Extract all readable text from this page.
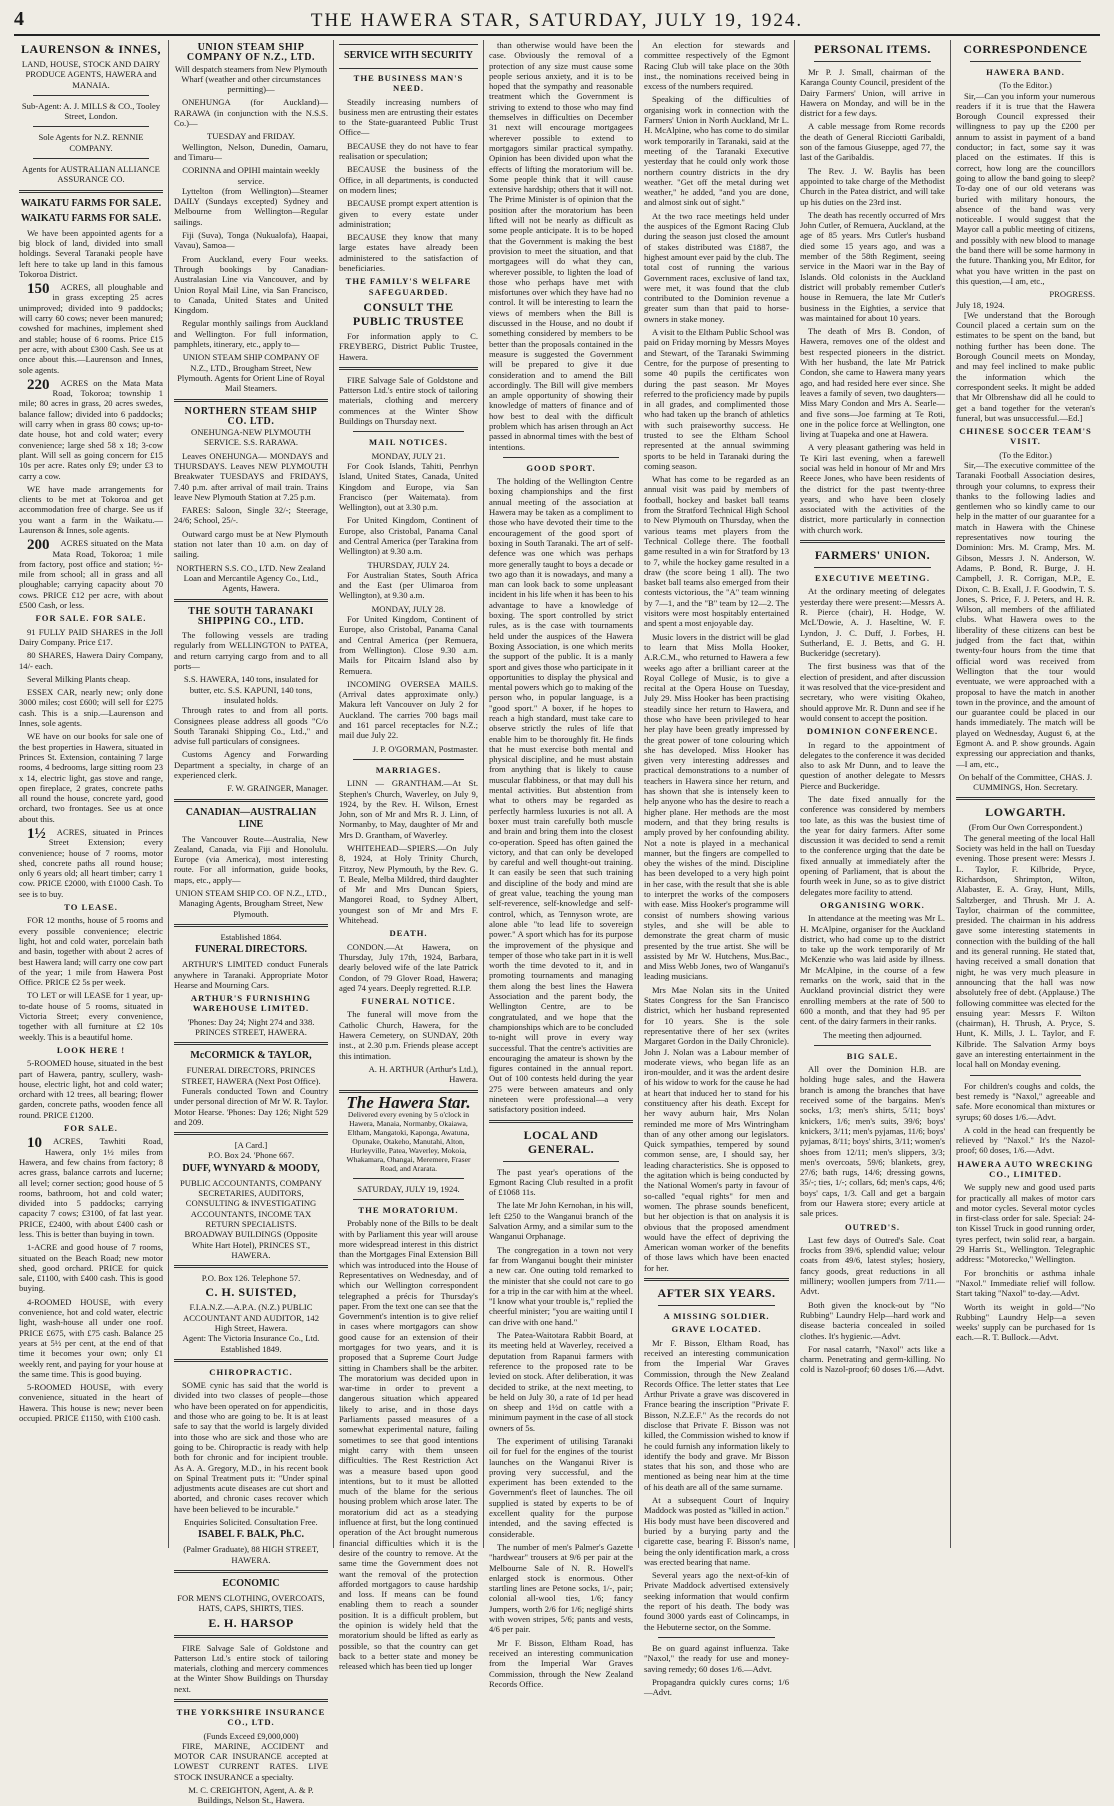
4	THE HAWERA STAR, SATURDAY, JULY 19, 1924.
LAURENSON & INNES,
LAND, HOUSE, STOCK AND DAIRY PRODUCE AGENTS, HAWERA and MANAIA.
Sub-Agent: A. J. MILLS & CO., Tooley Street, London.
Sole Agents for N.Z. RENNIE COMPANY.
Agents for AUSTRALIAN ALLIANCE ASSURANCE CO.
WAIKATU FARMS FOR SALE.
WAIKATU FARMS FOR SALE.

We have been appointed agents for a big block of land, divided into small holdings. Several Taranaki people have left here to take up land in this famous Tokoroa District.

150 ACRES, all ploughable and in grass excepting 25 acres unimproved; divided into 9 paddocks; will carry 60 cows; never been manured; cowshed for machines, implement shed and stable; house of 6 rooms. Price £15 per acre, with about £300 Cash. See us at once about this.—Laurenson and Innes, sole agents.

220 ACRES on the Mata Mata Road, Tokoroa; township 1 mile; 80 acres in grass, 20 acres swedes, balance fallow; divided into 6 paddocks; will carry when in grass 80 cows; up-to-date house, hot and cold water; every convenience; large shed 58 x 18; 3-cow plant. Will sell as going concern for £15 10s per acre. Rates only £9; under £3 to carry a cow.

WE have made arrangements for clients to be met at Tokoroa and get accommodation free of charge. See us if you want a farm in the Waikatu.—Laurenson & Innes, sole agents.

200 ACRES situated on the Mata Mata Road, Tokoroa; 1 mile from factory, post office and station; ½-mile from school; all in grass and all ploughable; carrying capacity about 70 cows. PRICE £12 per acre, with about £500 Cash, or less.

FOR SALE. FOR SALE.

91 FULLY PAID SHARES in the Joll Dairy Company. Price £17.

80 SHARES, Hawera Dairy Company, 14/- each.

Several Milking Plants cheap.

ESSEX CAR, nearly new; only done 3000 miles; cost £600; will sell for £275 cash. This is a snip.—Laurenson and Innes, sole agents.

WE have on our books for sale one of the best properties in Hawera, situated in Princes St. Extension, containing 7 large rooms, 4 bedrooms, large sitting room 23 x 14, electric light, gas stove and range, open fireplace, 2 grates, concrete paths all round the house, concrete yard, good orchard, two frontages. See us at once about this.

1½ ACRES, situated in Princes Street Extension; every convenience; house of 7 rooms, motor shed, concrete paths all round house; only 6 years old; all heart timber; carry 1 cow. PRICE £2000, with £1000 Cash. To see is to buy.

TO LEASE.

FOR 12 months, house of 5 rooms and every possible convenience; electric light, hot and cold water, porcelain bath and basin, together with about 2 acres of best Hawera land; will carry one cow part of the year; 1 mile from Hawera Post Office. PRICE £2 5s per week.

TO LET or will LEASE for 1 year, up-to-date house of 5 rooms, situated in Victoria Street; every convenience, together with all furniture at £2 10s weekly. This is a beautiful home.

LOOK HERE !

5-ROOMED house, situated in the best part of Hawera, pantry, scullery, wash-house, electric light, hot and cold water; orchard with 12 trees, all bearing; flower garden, concrete paths, wooden fence all round. PRICE £1200.

FOR SALE.

10 ACRES, Tawhiti Road, Hawera, only 1½ miles from Hawera, and few chains from factory; 8 acres grass, balance carrots and lucerne; all level; corner section; good house of 5 rooms, bathroom, hot and cold water; divided into 5 paddocks; carrying capacity 7 cows; £3100, of fat last year. PRICE, £2400, with about £400 cash or less. This is better than buying in town.

1-ACRE and good house of 7 rooms, situated on the Beach Road; new motor shed, good orchard. PRICE for quick sale, £1100, with £400 cash. This is good buying.

4-ROOMED HOUSE, with every convenience, hot and cold water, electric light, wash-house all under one roof. PRICE £675, with £75 cash. Balance 25 years at 5½ per cent, at the end of that time it becomes your own; only £1 weekly rent, and paying for your house at the same time. This is good buying.

5-ROOMED HOUSE, with every convenience, situated in the heart of Hawera. This house is new; never been occupied. PRICE £1150, with £100 cash.

UNION STEAM SHIP COMPANY OF N.Z., LTD.
Will despatch steamers from New Plymouth Wharf (weather and other circumstances permitting)—

ONEHUNGA (for Auckland)—RARAWA (in conjunction with the N.S.S. Co.)—

TUESDAY and FRIDAY.

Wellington, Nelson, Dunedin, Oamaru, and Timaru—

CORINNA and OPIHI maintain weekly service.

Lyttelton (from Wellington)—Steamer DAILY (Sundays excepted) Sydney and Melbourne from Wellington—Regular sailings.

Fiji (Suva), Tonga (Nukualofa), Haapai, Vavau), Samoa—

From Auckland, every Four weeks. Through bookings by Canadian-Australasian Line via Vancouver, and by Union Royal Mail Line, via San Francisco, to Canada, United States and United Kingdom.

Regular monthly sailings from Auckland and Wellington. For full information, pamphlets, itinerary, etc., apply to—

UNION STEAM SHIP COMPANY OF N.Z., LTD., Brougham Street, New Plymouth. Agents for Orient Line of Royal Mail Steamers.
NORTHERN STEAM SHIP CO. LTD.
ONEHUNGA-NEW PLYMOUTH SERVICE. S.S. RARAWA.

Leaves ONEHUNGA— MONDAYS and THURSDAYS. Leaves NEW PLYMOUTH Breakwater TUESDAYS and FRIDAYS, 7.40 p.m. after arrival of mail train. Trains leave New Plymouth Station at 7.25 p.m.

FARES: Saloon, Single 32/-; Steerage, 24/6; School, 25/-.

Outward cargo must be at New Plymouth station not later than 10 a.m. on day of sailing.

NORTHERN S.S. CO., LTD. New Zealand Loan and Mercantile Agency Co., Ltd., Agents, Hawera.
THE SOUTH TARANAKI SHIPPING CO., LTD.

The following vessels are trading regularly from WELLINGTON to PATEA, and return carrying cargo from and to all ports—

S.S. HAWERA, 140 tons, insulated for butter, etc. S.S. KAPUNI, 140 tons, insulated holds.

Through rates to and from all ports. Consignees please address all goods "C/o South Taranaki Shipping Co., Ltd.," and advise full particulars of consignees.

Customs Agency and Forwarding Department a specialty, in charge of an experienced clerk.

F. W. GRAINGER, Manager.
CANADIAN—AUSTRALIAN LINE

The Vancouver Route—Australia, New Zealand, Canada, via Fiji and Honolulu. Europe (via America), most interesting route. For all information, guide books, maps, etc., apply—

UNION STEAM SHIP CO. OF N.Z., LTD., Managing Agents, Brougham Street, New Plymouth.
Established 1864.
FUNERAL DIRECTORS.

ARTHUR'S LIMITED conduct Funerals anywhere in Taranaki. Appropriate Motor Hearse and Mourning Cars.

ARTHUR'S FURNISHING WAREHOUSE LIMITED.
'Phones: Day 24; Night 274 and 338.
PRINCES STREET, HAWERA.
McCORMICK & TAYLOR,
FUNERAL DIRECTORS, PRINCES STREET, HAWERA (Next Post Office).

Funerals conducted Town and Country under personal direction of Mr W. R. Taylor. Motor Hearse. 'Phones: Day 126; Night 529 and 209.

[A Card.]
P.O. Box 24. 'Phone 667.
DUFF, WYNYARD & MOODY,
PUBLIC ACCOUNTANTS, COMPANY SECRETARIES, AUDITORS, CONSULTING & INVESTIGATING ACCOUNTANTS, INCOME TAX RETURN SPECIALISTS.
BROADWAY BUILDINGS (Opposite White Hart Hotel), PRINCES ST., HAWERA.
P.O. Box 126. Telephone 57.
C. H. SUISTED,
F.I.A.N.Z.—A.P.A. (N.Z.) PUBLIC ACCOUNTANT AND AUDITOR, 142 High Street, Hawera.
Agent: The Victoria Insurance Co., Ltd. Established 1849.
CHIROPRACTIC.

SOME cynic has said that the world is divided into two classes of people—those who have been operated on for appendicitis, and those who are going to be. It is at least safe to say that the world is largely divided into those who are sick and those who are going to be. Chiropractic is ready with help both for chronic and for incipient trouble. As A. A. Gregory, M.D., in his recent book on Spinal Treatment puts it: "Under spinal adjustments acute diseases are cut short and aborted, and chronic cases recover which have been believed to be incurable."

Enquiries Solicited. Consultation Free.
ISABEL F. BALK, Ph.C.
(Palmer Graduate), 88 HIGH STREET, HAWERA.
ECONOMIC
FOR MEN'S CLOTHING, OVERCOATS, HATS, CAPS, SHIRTS, TIES.
E. H. HARSOP

FIRE Salvage Sale of Goldstone and Patterson Ltd.'s entire stock of tailoring materials, clothing and mercery commences at the Winter Show Buildings on Thursday next.

THE YORKSHIRE INSURANCE CO., LTD.
(Funds Exceed £9,000,000)

FIRE, MARINE, ACCIDENT and MOTOR CAR INSURANCE accepted at LOWEST CURRENT RATES. LIVE STOCK INSURANCE a specialty.

M. C. CREIGHTON, Agent, A. & P. Buildings, Nelson St., Hawera.
SERVICE WITH SECURITY
THE BUSINESS MAN'S NEED.

Steadily increasing numbers of business men are entrusting their estates to the State-guaranteed Public Trust Office—

BECAUSE they do not have to fear realisation or speculation;

BECAUSE the business of the Office, in all departments, is conducted on modern lines;

BECAUSE prompt expert attention is given to every estate under administration;

BECAUSE they know that many large estates have already been administered to the satisfaction of beneficiaries.

THE FAMILY'S WELFARE SAFEGUARDED.
CONSULT THE PUBLIC TRUSTEE

For information apply to C. FREYBERG, District Public Trustee, Hawera.

FIRE Salvage Sale of Goldstone and Patterson Ltd.'s entire stock of tailoring materials, clothing and mercery commences at the Winter Show Buildings on Thursday next.

MAIL NOTICES.
MONDAY, JULY 21.

For Cook Islands, Tahiti, Penrhyn Island, United States, Canada, United Kingdom and Europe, via San Francisco (per Waitemata). from Wellington), out at 3.30 p.m.

For United Kingdom, Continent of Europe, also Cristobal, Panama Canal and Central America (per Tarakina from Wellington) at 9.30 a.m.

THURSDAY, JULY 24.

For Australian States, South Africa and the East (per Ulimaroa from Wellington), at 9.30 a.m.

MONDAY, JULY 28.

For United Kingdom, Continent of Europe, also Cristobal, Panama Canal and Central America (per Remuera, from Wellington). Close 9.30 a.m. Mails for Pitcairn Island also by Remuera.

INCOMING OVERSEA MAILS. (Arrival dates approximate only.) Makura left Vancouver on July 2 for Auckland. The carries 700 bags mail and 161 parcel receptacles for N.Z.; mail due July 22.

J. P. O'GORMAN, Postmaster.
MARRIAGES.

LINN — GRANTHAM.—At St. Stephen's Church, Waverley, on July 9, 1924, by the Rev. H. Wilson, Ernest John, son of Mr and Mrs R. J. Linn, of Normanby, to May, daughter of Mr and Mrs D. Grantham, of Waverley.

WHITEHEAD—SPIERS.—On July 8, 1924, at Holy Trinity Church, Fitzroy, New Plymouth, by the Rev. G. T. Beale, Melba Mildred, third daughter of Mr and Mrs Duncan Spiers, Mangorei Road, to Sydney Albert, youngest son of Mr and Mrs F. Whitehead.

DEATH.

CONDON.—At Hawera, on Thursday, July 17th, 1924, Barbara, dearly beloved wife of the late Patrick Condon, of 79 Glover Road, Hawera; aged 74 years. Deeply regretted. R.I.P.

FUNERAL NOTICE.

The funeral will move from the Catholic Church, Hawera, for the Hawera Cemetery, on SUNDAY, 20th inst., at 2.30 p.m. Friends please accept this intimation.

A. H. ARTHUR (Arthur's Ltd.), Hawera.
The Hawera Star.
Delivered every evening by 5 o'clock in Hawera, Manaia, Normanby, Okaiawa, Eltham, Mangatoki, Kaponga, Awatuna, Opunake, Otakeho, Manutahi, Alton, Hurleyville, Patea, Waverley, Mokoia, Whakamara, Ohangai, Meremere, Fraser Road, and Ararata.
SATURDAY, JULY 19, 1924.
THE MORATORIUM.

Probably none of the Bills to be dealt with by Parliament this year will arouse more widespread interest in this district than the Mortgages Final Extension Bill which was introduced into the House of Representatives on Wednesday, and of which our Wellington correspondent telegraphed a précis for Thursday's paper. From the text one can see that the Government's intention is to give relief in cases where mortgagors can show good cause for an extension of their mortgages for two years, and it is proposed that a Supreme Court Judge sitting in Chambers shall be the arbiter. The moratorium was decided upon in war-time in order to prevent a dangerous situation which appeared likely to arise, and in those days Parliaments passed measures of a somewhat experimental nature, failing sometimes to see that good intentions might carry with them unseen difficulties. The Rest Restriction Act was a measure based upon good intentions, but to it must be allotted much of the blame for the serious housing problem which arose later. The moratorium did act as a steadying influence at first, but the long continued operation of the Act brought numerous financial difficulties which it is the desire of the country to remove. At the same time the Government does not want the removal of the protection afforded mortgagors to cause hardship and loss. If means can be found enabling them to reach a sounder position. It is a difficult problem, but the opinion is widely held that the moratorium should be lifted as early as possible, so that the country can get back to a better state and money be released which has been tied up longer

than otherwise would have been the case. Obviously the removal of a protection of any size must cause some people serious anxiety, and it is to be hoped that the sympathy and reasonable treatment which the Government is striving to extend to those who may find themselves in difficulties on December 31 next will encourage mortgagees wherever possible to extend to mortgagors similar practical sympathy. Opinion has been divided upon what the effects of lifting the moratorium will be. Some people think that it will cause extensive hardship; others that it will not. The Prime Minister is of opinion that the position after the moratorium has been lifted will not be nearly as difficult as some people anticipate. It is to be hoped that the Government is making the best provision to meet the situation, and that mortgagees will do what they can, wherever possible, to lighten the load of those who perhaps have met with misfortunes over which they have had no control. It will be interesting to learn the views of members when the Bill is discussed in the House, and no doubt if something considered by members to be better than the proposals contained in the measure is suggested the Government will be prepared to give it due consideration and to amend the Bill accordingly. The Bill will give members an ample opportunity of showing their knowledge of matters of finance and of how best to deal with the difficult problem which has arisen through an Act passed in abnormal times with the best of intentions.

GOOD SPORT.

The holding of the Wellington Centre boxing championships and the first annual meeting of the association at Hawera may be taken as a compliment to those who have devoted their time to the encouragement of the good sport of boxing in South Taranaki. The art of self-defence was one which was perhaps more generally taught to boys a decade or two ago than it is nowadays, and many a man can look back to some unpleasant incident in his life when it has been to his advantage to have a knowledge of boxing. The sport controlled by strict rules, as is the case with tournaments held under the auspices of the Hawera Boxing Association, is one which merits the support of the public. It is a manly sport and gives those who participate in it opportunities to display the physical and mental powers which go to making of the person who, in popular language, is a "good sport." A boxer, if he hopes to reach a high standard, must take care to observe strictly the rules of life that enable him to be thoroughly fit. He finds that he must exercise both mental and physical discipline, and he must abstain from anything that is likely to cause muscular flabbiness, or that may dull his mental activities. But abstention from what to others may be regarded as perfectly harmless luxuries is not all. A boxer must train carefully both muscle and brain and bring them into the closest co-operation. Speed has often gained the victory, and that can only be developed by careful and well thought-out training. It can easily be seen that such training and discipline of the body and mind are of great value, teaching the young man self-reverence, self-knowledge and self-control, which, as Tennyson wrote, are alone able "to lead life to sovereign power." A sport which has for its purpose the improvement of the physique and temper of those who take part in it is well worth the time devoted to it, and in promoting tournaments and managing them along the best lines the Hawera Association and the parent body, the Wellington Centre, are to be congratulated, and we hope that the championships which are to be concluded to-night will prove in every way successful. That the centre's activities are encouraging the amateur is shown by the figures contained in the annual report. Out of 100 contests held during the year 275 were between amateurs and only nineteen were professional—a very satisfactory position indeed.

LOCAL AND GENERAL.

The past year's operations of the Egmont Racing Club resulted in a profit of £1068 11s.

The late Mr John Kernohan, in his will, left £250 to the Wanganui branch of the Salvation Army, and a similar sum to the Wanganui Orphanage.

The congregation in a town not very far from Wanganui bought their minister a new car. One outing told remarked to the minister that she could not care to go for a trip in the car with him at the wheel. "I know what your trouble is," replied the cheerful minister; "you are waiting until I can drive with one hand."

The Patea-Waitotara Rabbit Board, at its meeting held at Waverley, received a deputation from Rapanui farmers with reference to the proposed rate to be levied on stock. After deliberation, it was decided to strike, at the next meeting, to be held on July 30, a rate of 1d per head on sheep and 1½d on cattle with a minimum payment in the case of all stock owners of 5s.

The experiment of utilising Taranaki oil for fuel for the engines of the tourist launches on the Wanganui River is proving very successful, and the experiment has been extended to the Government's fleet of launches. The oil supplied is stated by experts to be of excellent quality for the purpose intended, and the saving effected is considerable.

The number of men's Palmer's Gazette "hardwear" trousers at 9/6 per pair at the Melbourne Sale of N. R. Howell's enlarged stock is enormous. Other startling lines are Petone socks, 1/-, pair; colonial all-wool ties, 1/6; fancy Jumpers, worth 2/6 for 1/6; negligé shirts with woven stripes, 5/6; pants and vests, 4/6 per pair.

Mr F. Bisson, Eltham Road, has received an interesting communication from the Imperial War Graves Commission, through the New Zealand Records Office.

An election for stewards and committee respectively of the Egmont Racing Club will take place on the 30th inst., the nominations received being in excess of the numbers required.

Speaking of the difficulties of organising work in connection with the Farmers' Union in North Auckland, Mr L. H. McAlpine, who has come to do similar work temporarily in Taranaki, said at the meeting of the Taranaki Executive yesterday that he could only work those northern country districts in the dry weather. "Get off the metal during wet weather," he added, "and you are done, and almost sink out of sight."

At the two race meetings held under the auspices of the Egmont Racing Club during the season just closed the amount of stakes distributed was £1887, the highest amount ever paid by the club. The total cost of running the various Government races, exclusive of land tax, were met, it was found that the club contributed to the Dominion revenue a greater sum than that paid to horse-owners in stake money.

A visit to the Eltham Public School was paid on Friday morning by Messrs Moyes and Stewart, of the Taranaki Swimming Centre, for the purpose of presenting to some 40 pupils the certificates won during the past season. Mr Moyes referred to the proficiency made by pupils in all grades, and complimented those who had taken up the branch of athletics with such praiseworthy success. He trusted to see the Eltham School represented at the annual swimming sports to be held in Taranaki during the coming season.

What has come to be regarded as an annual visit was paid by members of football, hockey and basket ball teams from the Stratford Technical High School to New Plymouth on Thursday, when the various teams met players from the Technical College there. The football game resulted in a win for Stratford by 13 to 7, while the hockey game resulted in a draw (the score being 1 all). The two basket ball teams also emerged from their contests victorious, the "A" team winning by 7—1, and the "B" team by 12—2. The visitors were most hospitably entertained and spent a most enjoyable day.

Music lovers in the district will be glad to learn that Miss Molla Hooker, A.R.C.M., who returned to Hawera a few weeks ago after a brilliant career at the Royal College of Music, is to give a recital at the Opera House on Tuesday, July 29. Miss Hooker has been practising steadily since her return to Hawera, and those who have been privileged to hear her play have been greatly impressed by the great power of tone colouring which she has developed. Miss Hooker has given very interesting addresses and practical demonstrations to a number of teachers in Hawera since her return, and has shown that she is intensely keen to help anyone who has the desire to reach a higher plane. Her methods are the most modern, and that they bring results is amply proved by her confounding ability. Not a note is played in a mechanical manner, but the fingers are compelled to obey the wishes of the mind. Discipline has been developed to a very high point in her case, with the result that she is able to interpret the works of the composers with ease. Miss Hooker's programme will consist of numbers showing various styles, and she will be able to demonstrate the great charm of music presented by the true artist. She will be assisted by Mr W. Hutchens, Mus.Bac., and Miss Webb Jones, two of Wanganui's leading musicians.

Mrs Mae Nolan sits in the United States Congress for the San Francisco district, which her husband represented for 10 years. She is the sole representative there of her sex (writes Margaret Gordon in the Daily Chronicle). John J. Nolan was a Labour member of moderate views, who began life as an iron-moulder, and it was the ardent desire of his widow to work for the cause he had at heart that induced her to stand for his constituency after his death. Except for her wavy auburn hair, Mrs Nolan reminded me more of Mrs Wintringham than of any other among our legislators. Quick sympathies, tempered by sound common sense, are, I should say, her leading characteristics. She is opposed to the agitation which is being conducted by the National Women's party in favour of so-called "equal rights" for men and women. The phrase sounds beneficent, but her objection is that on analysis it is obvious that the proposed amendment would have the effect of depriving the American woman worker of the benefits of those laws which have been enacted for her.

AFTER SIX YEARS.
A MISSING SOLDIER.
GRAVE LOCATED.

Mr F. Bisson, Eltham Road, has received an interesting communication from the Imperial War Graves Commission, through the New Zealand Records Office. The letter states that Lee Arthur Private a grave was discovered in France bearing the inscription "Private F. Bisson, N.Z.E.F." As the records do not disclose that Private F. Bisson was not killed, the Commission wished to know if he could furnish any information likely to identify the body and grave. Mr Bisson states that his son, and those who are mentioned as being near him at the time of his death are all of the same surname.

At a subsequent Court of Inquiry Maddock was posted as "killed in action." His body must have been discovered and buried by a burying party and the cigarette case, bearing F. Bisson's name, being the only identification mark, a cross was erected bearing that name.

Several years ago the next-of-kin of Private Maddock advertised extensively seeking information that would confirm the report of his death. The body was found 3000 yards east of Colincamps, in the Hebuterne sector, on the Somme.

Be on guard against influenza. Take "Naxol," the ready for use and money-saving remedy; 60 doses 1/6.—Advt.

Propagandra quickly cures corns; 1/6 —Advt.

PERSONAL ITEMS.

Mr P. J. Small, chairman of the Karanga County Council, president of the Dairy Farmers' Union, will arrive in Hawera on Monday, and will be in the district for a few days.

A cable message from Rome records the death of General Ricciotti Garibaldi, son of the famous Giuseppe, aged 77, the last of the Garibaldis.

The Rev. J. W. Baylis has been appointed to take charge of the Methodist Church in the Patea district, and will take up his duties on the 23rd inst.

The death has recently occurred of Mrs John Cutler, of Remuera, Auckland, at the age of 85 years. Mrs Cutler's husband died some 15 years ago, and was a member of the 58th Regiment, seeing service in the Maori war in the Bay of Islands. Old colonists in the Auckland district will probably remember Cutler's house in Remuera, the late Mr Cutler's business in the Eighties, a service that was maintained for about 10 years.

The death of Mrs B. Condon, of Hawera, removes one of the oldest and best respected pioneers in the district. With her husband, the late Mr Patrick Condon, she came to Hawera many years ago, and had resided here ever since. She leaves a family of seven, two daughters—Miss Mary Condon and Mrs A. Searle—and five sons—Joe farming at Te Roti, one in the police force at Wellington, one living at Tuapeka and one at Hawera.

A very pleasant gathering was held in Te Kiri last evening, when a farewell social was held in honour of Mr and Mrs Reece Jones, who have been residents of the district for the past twenty-three years, and who have been closely associated with the activities of the district, more particularly in connection with church work.

FARMERS' UNION.
EXECUTIVE MEETING.

At the ordinary meeting of delegates yesterday there were present:—Messrs A. R. Pierce (chair), H. Hodge, W. McL'Dowie, A. J. Haseltine, W. F. Lyndon, J. C. Duff, J. Forbes, H. Sutherland, E. J. Betts, and G. H. Buckeridge (secretary).

The first business was that of the election of president, and after discussion it was resolved that the vice-president and secretary, who were visiting Okaheo, should approve Mr. R. Dunn and see if he would consent to accept the position.

DOMINION CONFERENCE.

In regard to the appointment of delegates to the conference it was decided also to ask Mr Dunn, and to leave the question of another delegate to Messrs Pierce and Buckeridge.

The date fixed annually for the conference was considered by members too late, as this was the busiest time of the year for dairy farmers. After some discussion it was decided to send a remit to the conference urging that the date be fixed annually at immediately after the opening of Parliament, that is about the fourth week in June, so as to give district delegates more facility to attend.

ORGANISING WORK.

In attendance at the meeting was Mr L. H. McAlpine, organiser for the Auckland district, who had come up to the district to take up the work temporarily of Mr McKenzie who was laid aside by illness. Mr McAlpine, in the course of a few remarks on the work, said that in the Auckland provincial district they were enrolling members at the rate of 500 to 600 a month, and that they had 95 per cent. of the dairy farmers in their ranks.

The meeting then adjourned.
BIG SALE.

All over the Dominion H.B. are holding huge sales, and the Hawera branch is among the branches that have received some of the bargains. Men's socks, 1/3; men's shirts, 5/11; boys' knickers, 1/6; men's suits, 39/6; boys' knickers, 3/11; men's pyjamas, 11/6; boys' pyjamas, 8/11; boys' shirts, 3/11; women's shoes from 12/11; men's slippers, 3/3; men's overcoats, 59/6; blankets, grey, 27/6; bath rugs, 14/6; dressing gowns, 35/-; ties, 1/-; collars, 6d; men's caps, 4/6; boys' caps, 1/3. Call and get a bargain from our Hawera store; every article at sale prices.

OUTRED'S.

Last few days of Outred's Sale. Coat frocks from 39/6, splendid value; velour coats from 49/6, latest styles; hosiery, fancy goods, great reductions in all millinery; woollen jumpers from 7/11.—Advt.

Both given the knock-out by "No Rubbing" Laundry Help—hard work and disease bacteria concealed in soiled clothes. It's hygienic.—Advt.

For nasal catarrh, "Naxol" acts like a charm. Penetrating and germ-killing. No cold is Nazol-proof; 60 doses 1/6.—Advt.

CORRESPONDENCE
HAWERA BAND.
(To the Editor.)

Sir,—Can you inform your numerous readers if it is true that the Hawera Borough Council expressed their willingness to pay up the £200 per annum to assist in payment of a band conductor; in fact, some say it was placed on the estimates. If this is correct, how long are the councillors going to allow the band going to sleep? To-day one of our old veterans was buried with military honours, the absence of the band was very noticeable. I would suggest that the Mayor call a public meeting of citizens, and possibly with new blood to manage the band there will be some harmony in the future. Thanking you, Mr Editor, for what you have written in the past on this question,—I am, etc.,

PROGRESS.
July 18, 1924.

[We understand that the Borough Council placed a certain sum on the estimates to be spent on the band, but nothing further has been done. The Borough Council meets on Monday, and may feel inclined to make public the information which the correspondent seeks. It might be added that Mr Olbrenshaw did all he could to get a band together for the veteran's funeral, but was unsuccessful.—Ed.]

CHINESE SOCCER TEAM'S VISIT.
(To the Editor.)

Sir,—The executive committee of the Taranaki Football Association desires, through your columns, to express their thanks to the following ladies and gentlemen who so kindly came to our help in the matter of our guarantee for a match in Hawera with the Chinese representatives now touring the Dominion: Mrs. M. Cramp, Mrs. M. Gibson, Messrs J. N. Anderson, W. Adams, P. Bond, R. Burge, J. H. Campbell, J. R. Corrigan, M.P., E. Dixon, C. B. Exall, J. F. Goodwin, T. S. Jones, S. Price, F. J. Peters, and H. R. Wilson, all members of the affiliated clubs. What Hawera owes to the liberality of these citizens can best be judged from the fact that, within twenty-four hours from the time that official word was received from Wellington that the tour would eventuate, we were approached with a proposal to have the match in another town in the province, and the amount of our guarantee could be placed in our hands immediately. The match will be played on Wednesday, August 6, at the Egmont A. and P. show grounds. Again expressing our appreciation and thanks, —I am, etc.,

On behalf of the Committee, CHAS. J. CUMMINGS, Hon. Secretary.
LOWGARTH.
(From Our Own Correspondent.)

The general meeting of the local Hall Society was held in the hall on Tuesday evening. Those present were: Messrs J. L. Taylor, F. Kilbride, Pryce, Richardson, Shrimpton, Wilton, Alabaster, E. A. Gray, Hunt, Mills, Saltzberger, and Thrush. Mr J. A. Taylor, chairman of the committee, presided. The chairman in his address gave some interesting statements in connection with the building of the hall and its general running. He stated that, having received a small donation that night, he was very much pleasure in announcing that the hall was now absolutely free of debt. (Applause.) The following committee was elected for the ensuing year: Messrs F. Wilton (chairman), H. Thrush, A. Pryce, S. Hunt, K. Mills, J. L. Taylor, and F. Kilbride. The Salvation Army boys gave an interesting entertainment in the local hall on Monday evening.

For children's coughs and colds, the best remedy is "Naxol," agreeable and safe. More economical than mixtures or syrups; 60 doses 1/6.—Advt.

A cold in the head can frequently be relieved by "Naxol." It's the Nazol-proof; 60 doses, 1/6.—Advt.

HAWERA AUTO WRECKING CO., LIMITED.

We supply new and good used parts for practically all makes of motor cars and motor cycles. Several motor cycles in first-class order for sale. Special: 24-ton Kissel Truck in good running order, tyres perfect, twin solid rear, a bargain. 29 Harris St., Wellington. Telegraphic address: "Motorecko," Wellington.

For bronchitis or asthma inhale "Naxol." Immediate relief will follow. Start taking "Naxol" to-day.—Advt.

Worth its weight in gold—"No Rubbing" Laundry Help—a seven weeks' supply can be purchased for 1s each.—R. T. Bullock.—Advt.
